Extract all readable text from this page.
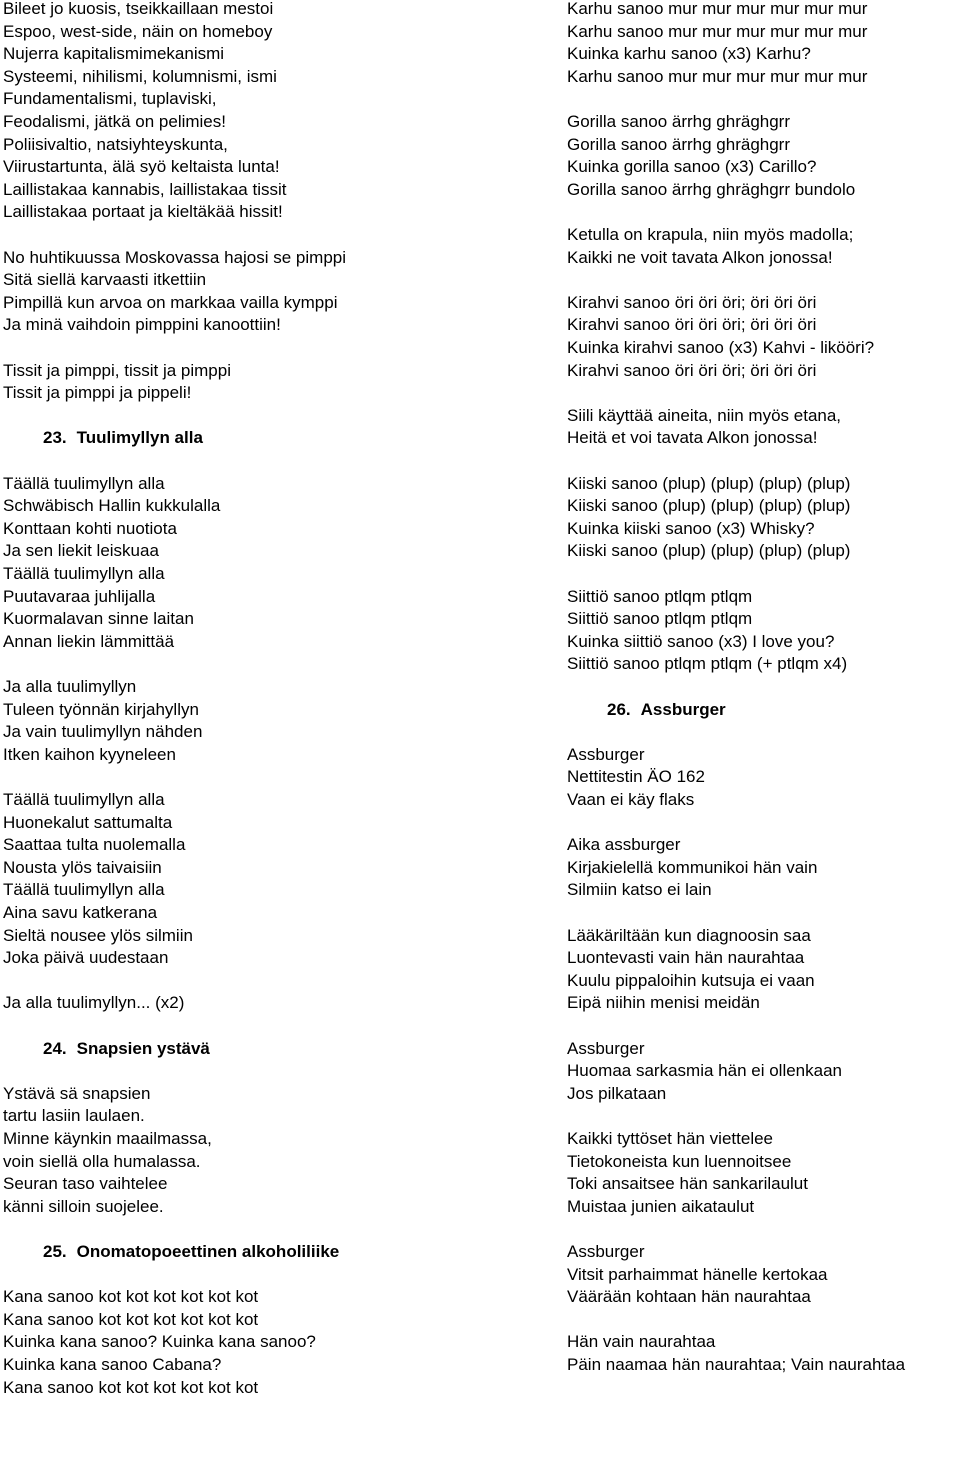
Bileet jo kuosis, tseikkaillaan mestoi
Espoo, west-side, näin on homeboy
Nujerra kapitalismimekanismi
Systeemi, nihilismi, kolumnismi, ismi
Fundamentalismi, tuplaviski,
Feodalismi, jätkä on pelimies!
Poliisivaltio, natsiyhteyskunta,
Viirustartunta, älä syö keltaista lunta!
Laillistakaa kannabis, laillistakaa tissit
Laillistakaa portaat ja kieltäkää hissit!
No huhtikuussa Moskovassa hajosi se pimppi
Sitä siellä karvaasti itkettiin
Pimpillä kun arvoa on markkaa vailla kymppi
Ja minä vaihdoin pimppini kanoottiin!
Tissit ja pimppi, tissit ja pimppi
Tissit ja pimppi ja pippeli!
23. Tuulimyllyn alla
Täällä tuulimyllyn alla
Schwäbisch Hallin kukkulalla
Konttaan kohti nuotiota
Ja sen liekit leiskuaa
Täällä tuulimyllyn alla
Puutavaraa juhlijalla
Kuormalavan sinne laitan
Annan liekin lämmittää
Ja alla tuulimyllyn
Tuleen työnnän kirjahyllyn
Ja vain tuulimyllyn nähden
Itken kaihon kyyneleen
Täällä tuulimyllyn alla
Huonekalut sattumalta
Saattaa tulta nuolemalla
Nousta ylös taivaisiin
Täällä tuulimyllyn alla
Aina savu katkerana
Sieltä nousee ylös silmiin
Joka päivä uudestaan
Ja alla tuulimyllyn... (x2)
24. Snapsien ystävä
Ystävä sä snapsien
tartu lasiin laulaen.
Minne käynkin maailmassa,
voin siellä olla humalassa.
Seuran taso vaihtelee
känni silloin suojelee.
25. Onomatopoeettinen alkoholiliike
Kana sanoo kot kot kot kot kot kot
Kana sanoo kot kot kot kot kot kot
Kuinka kana sanoo? Kuinka kana sanoo?
Kuinka kana sanoo Cabana?
Kana sanoo kot kot kot kot kot kot
Karhu sanoo mur mur mur mur mur mur
Karhu sanoo mur mur mur mur mur mur
Kuinka karhu sanoo (x3) Karhu?
Karhu sanoo mur mur mur mur mur mur
Gorilla sanoo ärrhg ghräghgrr
Gorilla sanoo ärrhg ghräghgrr
Kuinka gorilla sanoo (x3) Carillo?
Gorilla sanoo ärrhg ghräghgrr bundolo
Ketulla on krapula, niin myös madolla;
Kaikki ne voit tavata Alkon jonossa!
Kirahvi sanoo öri öri öri; öri öri öri
Kirahvi sanoo öri öri öri; öri öri öri
Kuinka kirahvi sanoo (x3) Kahvi - likööri?
Kirahvi sanoo öri öri öri; öri öri öri
Siili käyttää aineita, niin myös etana,
Heitä et voi tavata Alkon jonossa!
Kiiski sanoo (plup) (plup) (plup) (plup)
Kiiski sanoo (plup) (plup) (plup) (plup)
Kuinka kiiski sanoo (x3) Whisky?
Kiiski sanoo (plup) (plup) (plup) (plup)
Siittiö sanoo ptlqm ptlqm
Siittiö sanoo ptlqm ptlqm
Kuinka siittiö sanoo (x3) I love you?
Siittiö sanoo ptlqm ptlqm (+ ptlqm x4)
26. Assburger
Assburger
Nettitestin ÄO 162
Vaan ei käy flaks
Aika assburger
Kirjakielellä kommunikoi hän vain
Silmiin katso ei lain
Lääkäriltään kun diagnoosin saa
Luontevasti vain hän naurahtaa
Kuulu pippaloihin kutsuja ei vaan
Eipä niihin menisi meidän
Assburger
Huomaa sarkasmia hän ei ollenkaan
Jos pilkataan
Kaikki tyttöset hän viettelee
Tietokoneista kun luennoitsee
Toki ansaitsee hän sankarilaulut
Muistaa junien aikataulut
Assburger
Vitsit parhaimmat hänelle kertokaa
Väärään kohtaan hän naurahtaa
Hän vain naurahtaa
Päin naamaa hän naurahtaa; Vain naurahtaa
